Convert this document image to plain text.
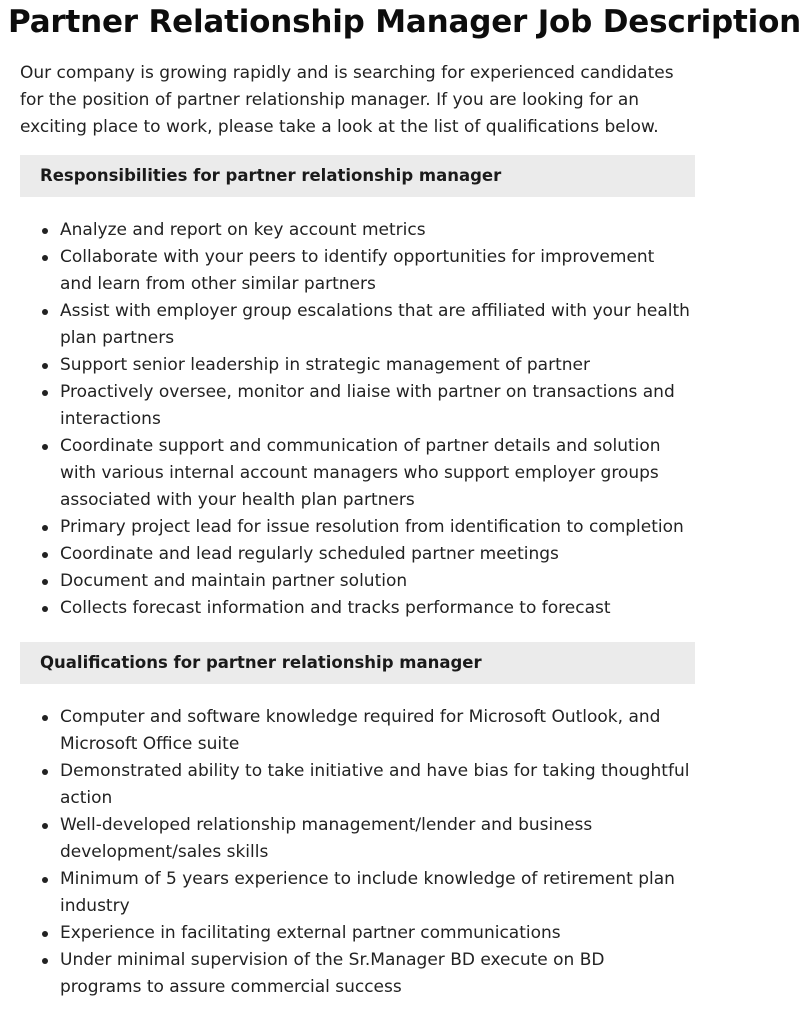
Partner Relationship Manager Job Description

Our company is growing rapidly and is searching for experienced candidates for the position of partner relationship manager. If you are looking for an exciting place to work, please take a look at the list of qualifications below.

Responsibilities for partner relationship manager
Analyze and report on key account metrics
Collaborate with your peers to identify opportunities for improvement and learn from other similar partners
Assist with employer group escalations that are affiliated with your health plan partners
Support senior leadership in strategic management of partner
Proactively oversee, monitor and liaise with partner on transactions and interactions
Coordinate support and communication of partner details and solution with various internal account managers who support employer groups associated with your health plan partners
Primary project lead for issue resolution from identification to completion
Coordinate and lead regularly scheduled partner meetings
Document and maintain partner solution
Collects forecast information and tracks performance to forecast
Qualifications for partner relationship manager
Computer and software knowledge required for Microsoft Outlook, and Microsoft Office suite
Demonstrated ability to take initiative and have bias for taking thoughtful action
Well-developed relationship management/lender and business development/sales skills
Minimum of 5 years experience to include knowledge of retirement plan industry
Experience in facilitating external partner communications
Under minimal supervision of the Sr.Manager BD execute on BD programs to assure commercial success
